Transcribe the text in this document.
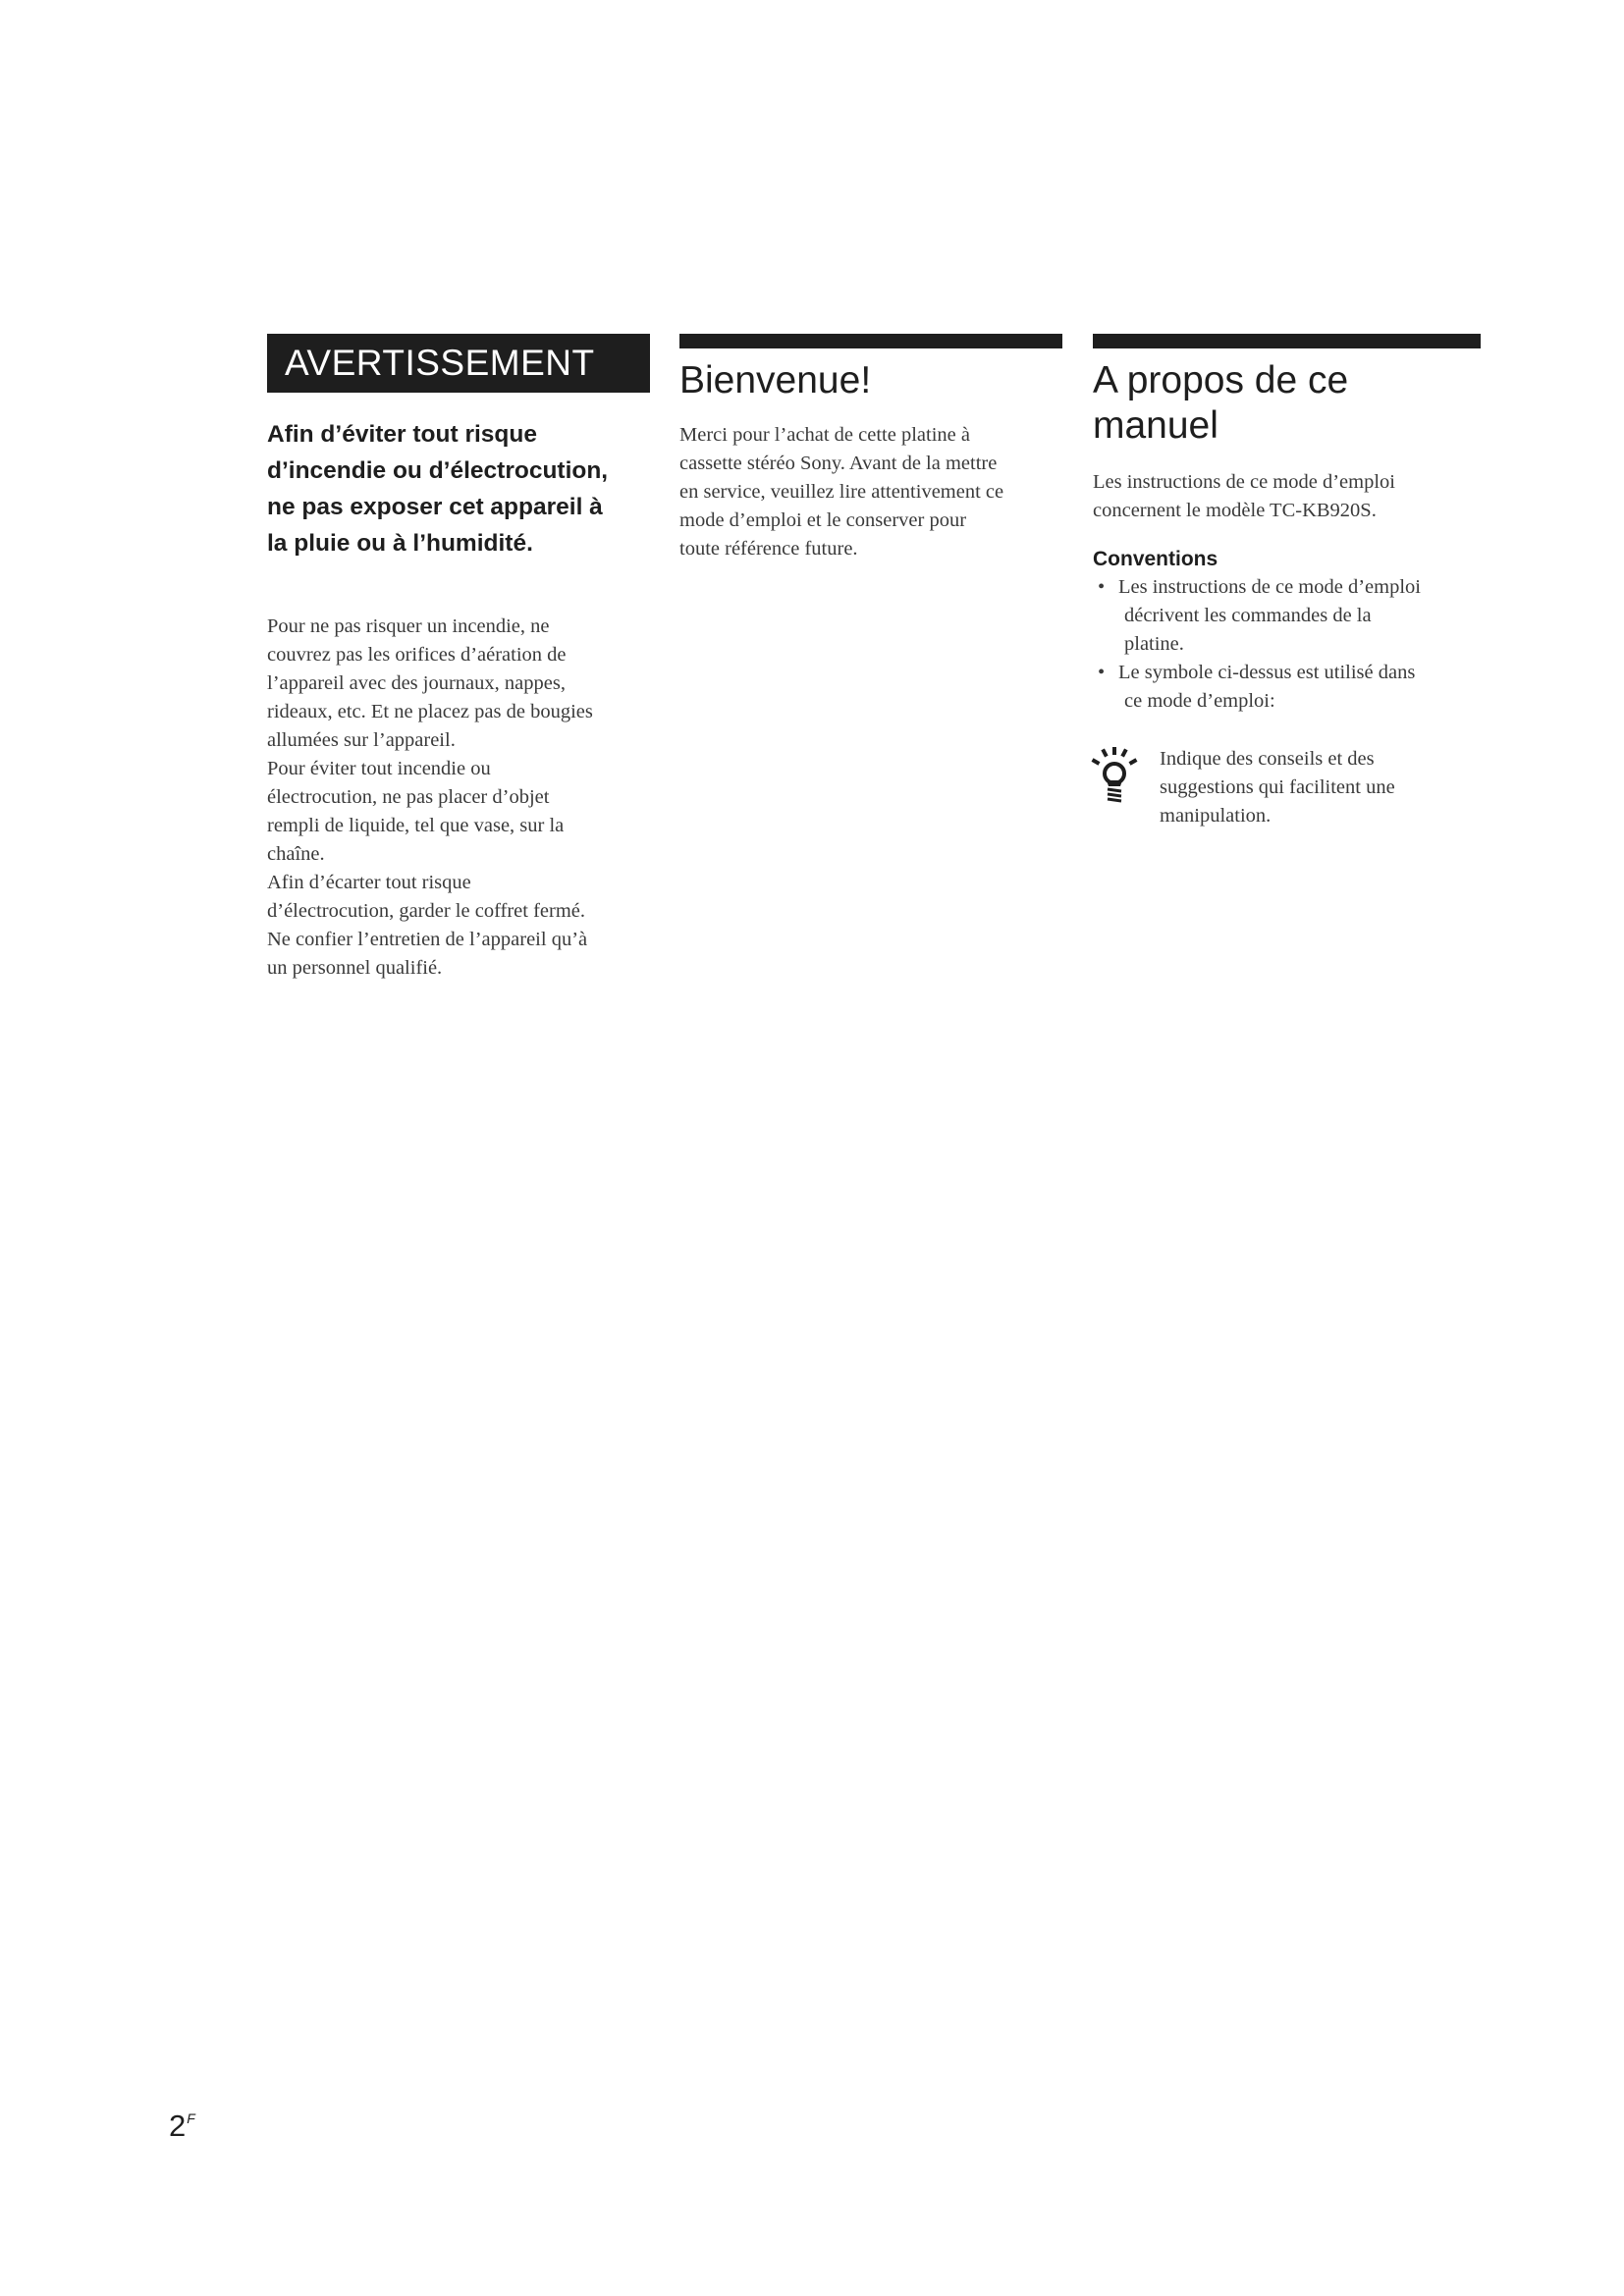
AVERTISSEMENT

Afin d’éviter tout risque
d’incendie ou d’électrocution,
ne pas exposer cet appareil à
la pluie ou à l’humidité.

Pour ne pas risquer un incendie, ne
couvrez pas les orifices d’aération de
l’appareil avec des journaux, nappes,
rideaux, etc. Et ne placez pas de bougies
allumées sur l’appareil.
Pour éviter tout incendie ou
électrocution, ne pas placer d’objet
rempli de liquide, tel que vase, sur la
chaîne.
Afin d’écarter tout risque
d’électrocution, garder le coffret fermé.
Ne confier l’entretien de l’appareil qu’à
un personnel qualifié.

Bienvenue!

Merci pour l’achat de cette platine à
cassette stéréo Sony. Avant de la mettre
en service, veuillez lire attentivement ce
mode d’emploi et le conserver pour
toute référence future.

A propos de ce
manuel

Les instructions de ce mode d’emploi
concernent le modèle TC-KB920S.

Conventions
• Les instructions de ce mode d’emploi
décrivent les commandes de la
platine.
• Le symbole ci-dessus est utilisé dans
ce mode d’emploi:

Indique des conseils et des
suggestions qui facilitent une
manipulation.

$2^F$
